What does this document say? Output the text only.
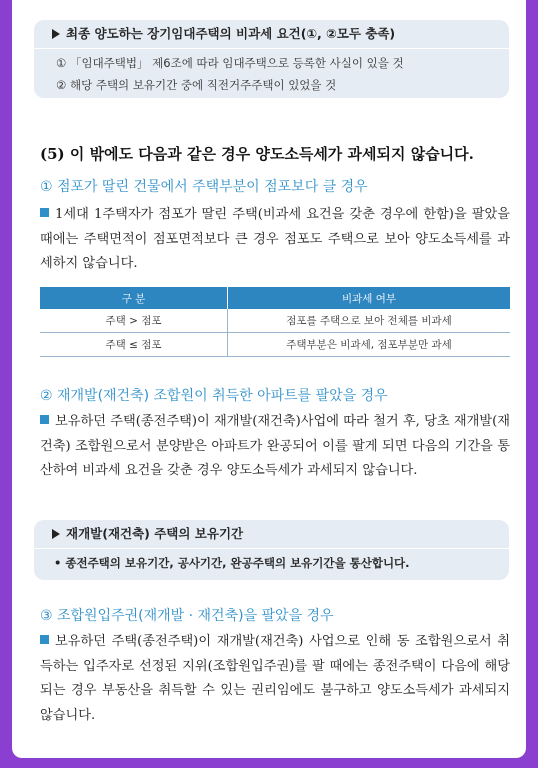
최종 양도하는 장기임대주택의 비과세 요건(①, ②모두 충족)
① 「임대주택법」 제6조에 따라 임대주택으로 등록한 사실이 있을 것
② 해당 주택의 보유기간 중에 직전거주주택이 있었을 것
(5) 이 밖에도 다음과 같은 경우 양도소득세가 과세되지 않습니다.
① 점포가 딸린 건물에서 주택부분이 점포보다 클 경우
1세대 1주택자가 점포가 딸린 주택(비과세 요건을 갖춘 경우에 한함)을 팔았을 때에는 주택면적이 점포면적보다 큰 경우 점포도 주택으로 보아 양도소득세를 과세하지 않습니다.
구 분	비과세 여부
주택 > 점포	점포를 주택으로 보아 전체를 비과세
주택 ≤ 점포	주택부분은 비과세, 점포부분만 과세
② 재개발(재건축) 조합원이 취득한 아파트를 팔았을 경우
보유하던 주택(종전주택)이 재개발(재건축)사업에 따라 철거 후, 당초 재개발(재건축) 조합원으로서 분양받은 아파트가 완공되어 이를 팔게 되면 다음의 기간을 통산하여 비과세 요건을 갖춘 경우 양도소득세가 과세되지 않습니다.
재개발(재건축) 주택의 보유기간
• 종전주택의 보유기간, 공사기간, 완공주택의 보유기간을 통산합니다.
③ 조합원입주권(재개발 · 재건축)을 팔았을 경우
보유하던 주택(종전주택)이 재개발(재건축) 사업으로 인해 동 조합원으로서 취득하는 입주자로 선정된 지위(조합원입주권)를 팔 때에는 종전주택이 다음에 해당되는 경우 부동산을 취득할 수 있는 권리임에도 불구하고 양도소득세가 과세되지 않습니다.
